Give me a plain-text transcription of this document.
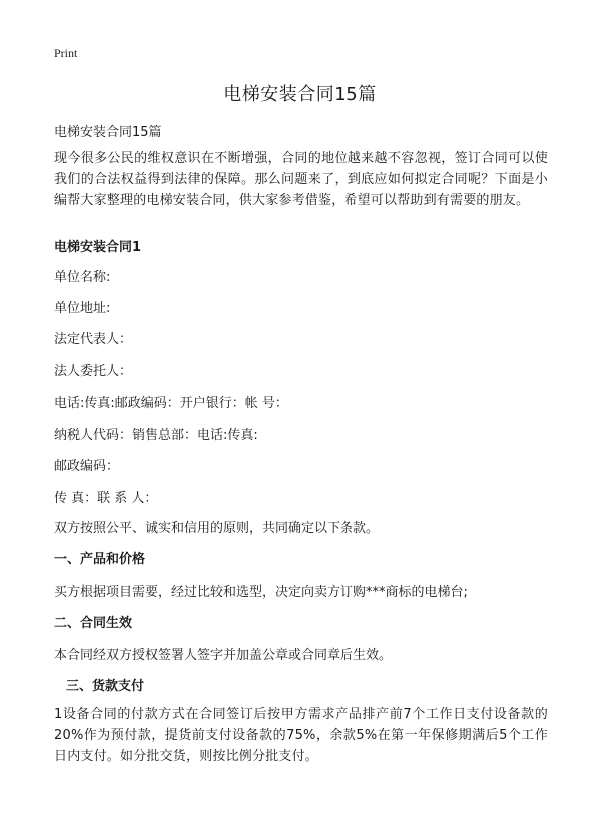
Print
电梯安装合同15篇

电梯安装合同15篇

现今很多公民的维权意识在不断增强，合同的地位越来越不容忽视，签订合同可以使我们的合法权益得到法律的保障。那么问题来了，到底应如何拟定合同呢？下面是小编帮大家整理的电梯安装合同，供大家参考借鉴，希望可以帮助到有需要的朋友。

电梯安装合同1

单位名称:

单位地址:

法定代表人：

法人委托人：

电话:传真:邮政编码：开户银行：帐 号：

纳税人代码：销售总部：电话:传真:

邮政编码：

传 真：联 系 人：

双方按照公平、诚实和信用的原则，共同确定以下条款。

一、产品和价格

买方根据项目需要，经过比较和选型，决定向卖方订购***商标的电梯台;

二、合同生效

本合同经双方授权签署人签字并加盖公章或合同章后生效。

三、货款支付

1设备合同的付款方式在合同签订后按甲方需求产品排产前7个工作日支付设备款的20%作为预付款，提货前支付设备款的75%，余款5%在第一年保修期满后5个工作日内支付。如分批交货，则按比例分批支付。
